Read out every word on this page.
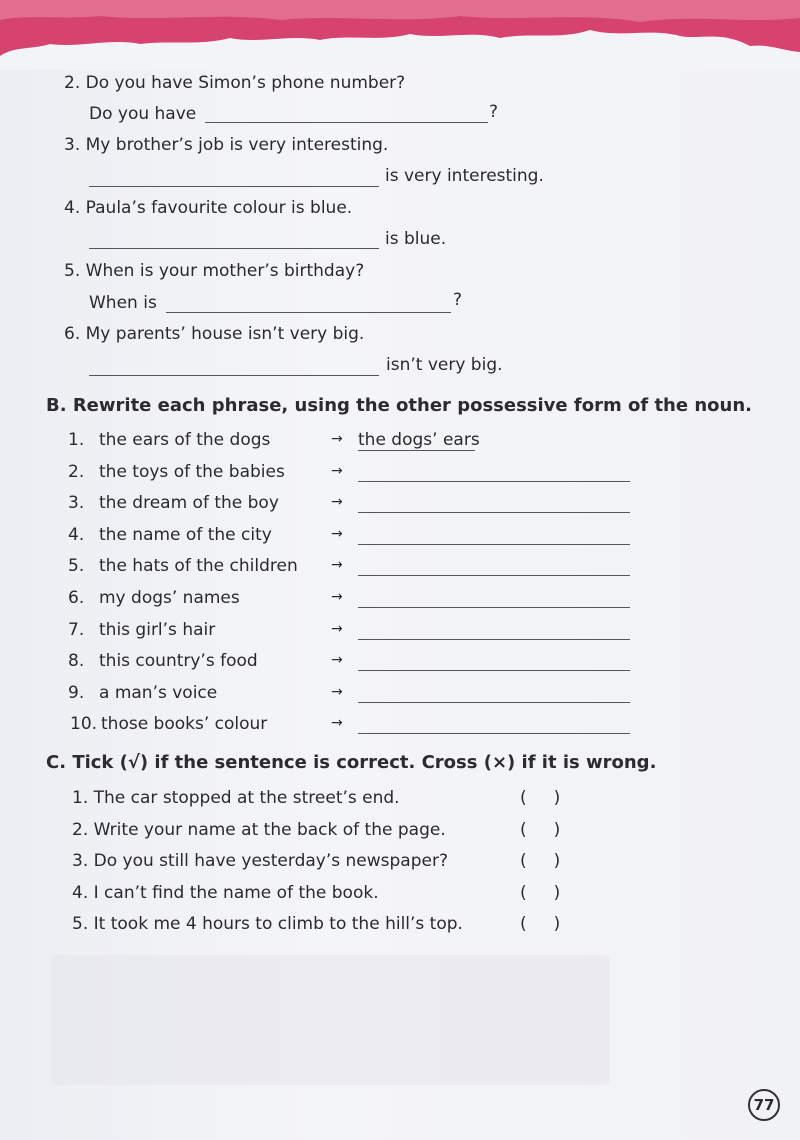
2. Do you have Simon’s phone number?
Do you have	?
3. My brother’s job is very interesting.
is very interesting.
4. Paula’s favourite colour is blue.
is blue.
5. When is your mother’s birthday?
When is	?
6. My parents’ house isn’t very big.
isn’t very big.
B. Rewrite each phrase, using the other possessive form of the noun.
1. the ears of the dogs	→ the dogs’ ears
2. the toys of the babies	→
3. the dream of the boy	→
4. the name of the city	→
5. the hats of the children →
6. my dogs’ names	→
7. this girl’s hair	→
8. this country’s food	→
9. a man’s voice	→
10. those books’ colour	→
C. Tick (√) if the sentence is correct. Cross (×) if it is wrong.
1. The car stopped at the street’s end.	(     )
2. Write your name at the back of the page.	(     )
3. Do you still have yesterday’s newspaper?	(     )
4. I can’t find the name of the book.	(     )
5. It took me 4 hours to climb to the hill’s top.	(     )
77
